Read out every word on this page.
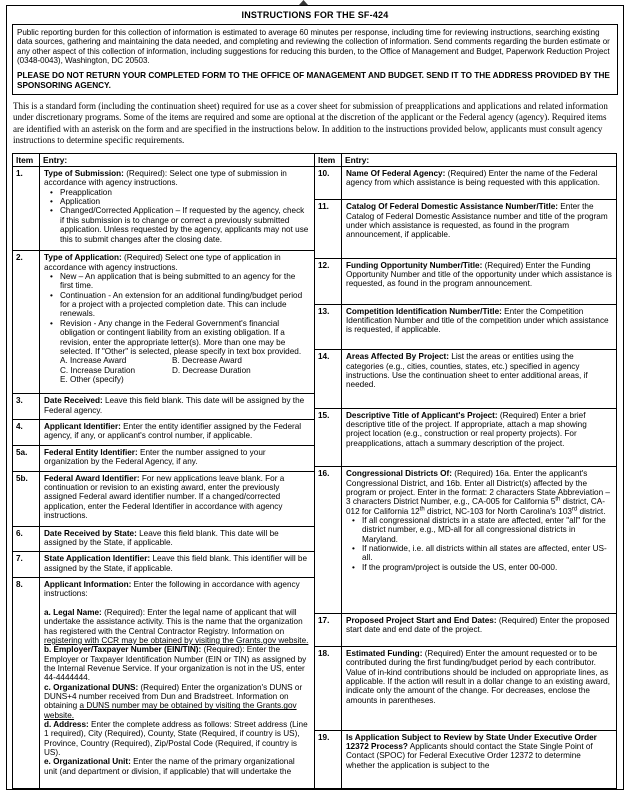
INSTRUCTIONS FOR THE SF-424
Public reporting burden for this collection of information is estimated to average 60 minutes per response, including time for reviewing instructions, searching existing data sources, gathering and maintaining the data needed, and completing and reviewing the collection of information. Send comments regarding the burden estimate or any other aspect of this collection of information, including suggestions for reducing this burden, to the Office of Management and Budget, Paperwork Reduction Project (0348-0043), Washington, DC 20503.
PLEASE DO NOT RETURN YOUR COMPLETED FORM TO THE OFFICE OF MANAGEMENT AND BUDGET. SEND IT TO THE ADDRESS PROVIDED BY THE SPONSORING AGENCY.
This is a standard form (including the continuation sheet) required for use as a cover sheet for submission of preapplications and applications and related information under discretionary programs. Some of the items are required and some are optional at the discretion of the applicant or the Federal agency (agency). Required items are identified with an asterisk on the form and are specified in the instructions below. In addition to the instructions provided below, applicants must consult agency instructions to determine specific requirements.
Item	Entry:
1.	Type of Submission: (Required): Select one type of submission in accordance with agency instructions.
• Preapplication
• Application
• Changed/Corrected Application – If requested by the agency, check if this submission is to change or correct a previously submitted application. Unless requested by the agency, applicants may not use this to submit changes after the closing date.

2.	Type of Application: (Required) Select one type of application in accordance with agency instructions.
• New – An application that is being submitted to an agency for the first time.
• Continuation - An extension for an additional funding/budget period for a project with a projected completion date. This can include renewals.
• Revision - Any change in the Federal Government's financial obligation or contingent liability from an existing obligation. If a revision, enter the appropriate letter(s). More than one may be selected. If "Other" is selected, please specify in text box provided.
A. Increase Award	B. Decrease Award
C. Increase Duration	D. Decrease Duration
E. Other (specify)

3.	Date Received: Leave this field blank. This date will be assigned by the Federal agency.

4.	Applicant Identifier: Enter the entity identifier assigned by the Federal agency, if any, or applicant's control number, if applicable.

5a.	Federal Entity Identifier: Enter the number assigned to your organization by the Federal Agency, if any.

5b.	Federal Award Identifier: For new applications leave blank. For a continuation or revision to an existing award, enter the previously assigned Federal award identifier number. If a changed/corrected application, enter the Federal Identifier in accordance with agency instructions.

6.	Date Received by State: Leave this field blank. This date will be assigned by the State, if applicable.

7.	State Application Identifier: Leave this field blank. This identifier will be assigned by the State, if applicable.

8.	Applicant Information: Enter the following in accordance with agency instructions:
a. Legal Name: (Required): Enter the legal name of applicant that will undertake the assistance activity. This is the name that the organization has registered with the Central Contractor Registry. Information on registering with CCR may be obtained by visiting the Grants.gov website.
b. Employer/Taxpayer Number (EIN/TIN): (Required): Enter the Employer or Taxpayer Identification Number (EIN or TIN) as assigned by the Internal Revenue Service. If your organization is not in the US, enter 44-4444444.
c. Organizational DUNS: (Required) Enter the organization's DUNS or DUNS+4 number received from Dun and Bradstreet. Information on obtaining a DUNS number may be obtained by visiting the Grants.gov website.
d. Address: Enter the complete address as follows: Street address (Line 1 required), City (Required), County, State (Required, if country is US), Province, Country (Required), Zip/Postal Code (Required, if country is US).
e. Organizational Unit: Enter the name of the primary organizational unit (and department or division, if applicable) that will undertake the
Item	Entry:
10.	Name Of Federal Agency: (Required) Enter the name of the Federal agency from which assistance is being requested with this application.

11.	Catalog Of Federal Domestic Assistance Number/Title: Enter the Catalog of Federal Domestic Assistance number and title of the program under which assistance is requested, as found in the program announcement, if applicable.

12.	Funding Opportunity Number/Title: (Required) Enter the Funding Opportunity Number and title of the opportunity under which assistance is requested, as found in the program announcement.

13.	Competition Identification Number/Title: Enter the Competition Identification Number and title of the competition under which assistance is requested, if applicable.

14.	Areas Affected By Project: List the areas or entities using the categories (e.g., cities, counties, states, etc.) specified in agency instructions. Use the continuation sheet to enter additional areas, if needed.

15.	Descriptive Title of Applicant's Project: (Required) Enter a brief descriptive title of the project. If appropriate, attach a map showing project location (e.g., construction or real property projects). For preapplications, attach a summary description of the project.

16.	Congressional Districts Of: (Required) 16a. Enter the applicant's Congressional District, and 16b. Enter all District(s) affected by the program or project. Enter in the format: 2 characters State Abbreviation – 3 characters District Number, e.g., CA-005 for California 5th district, CA-012 for California 12th district, NC-103 for North Carolina's 103rd district.
• If all congressional districts in a state are affected, enter "all" for the district number, e.g., MD-all for all congressional districts in Maryland.
• If nationwide, i.e. all districts within all states are affected, enter US-all.
• If the program/project is outside the US, enter 00-000.

17.	Proposed Project Start and End Dates: (Required) Enter the proposed start date and end date of the project.

18.	Estimated Funding: (Required) Enter the amount requested or to be contributed during the first funding/budget period by each contributor. Value of in-kind contributions should be included on appropriate lines, as applicable. If the action will result in a dollar change to an existing award, indicate only the amount of the change. For decreases, enclose the amounts in parentheses.

19.	Is Application Subject to Review by State Under Executive Order 12372 Process? Applicants should contact the State Single Point of Contact (SPOC) for Federal Executive Order 12372 to determine whether the application is subject to the
